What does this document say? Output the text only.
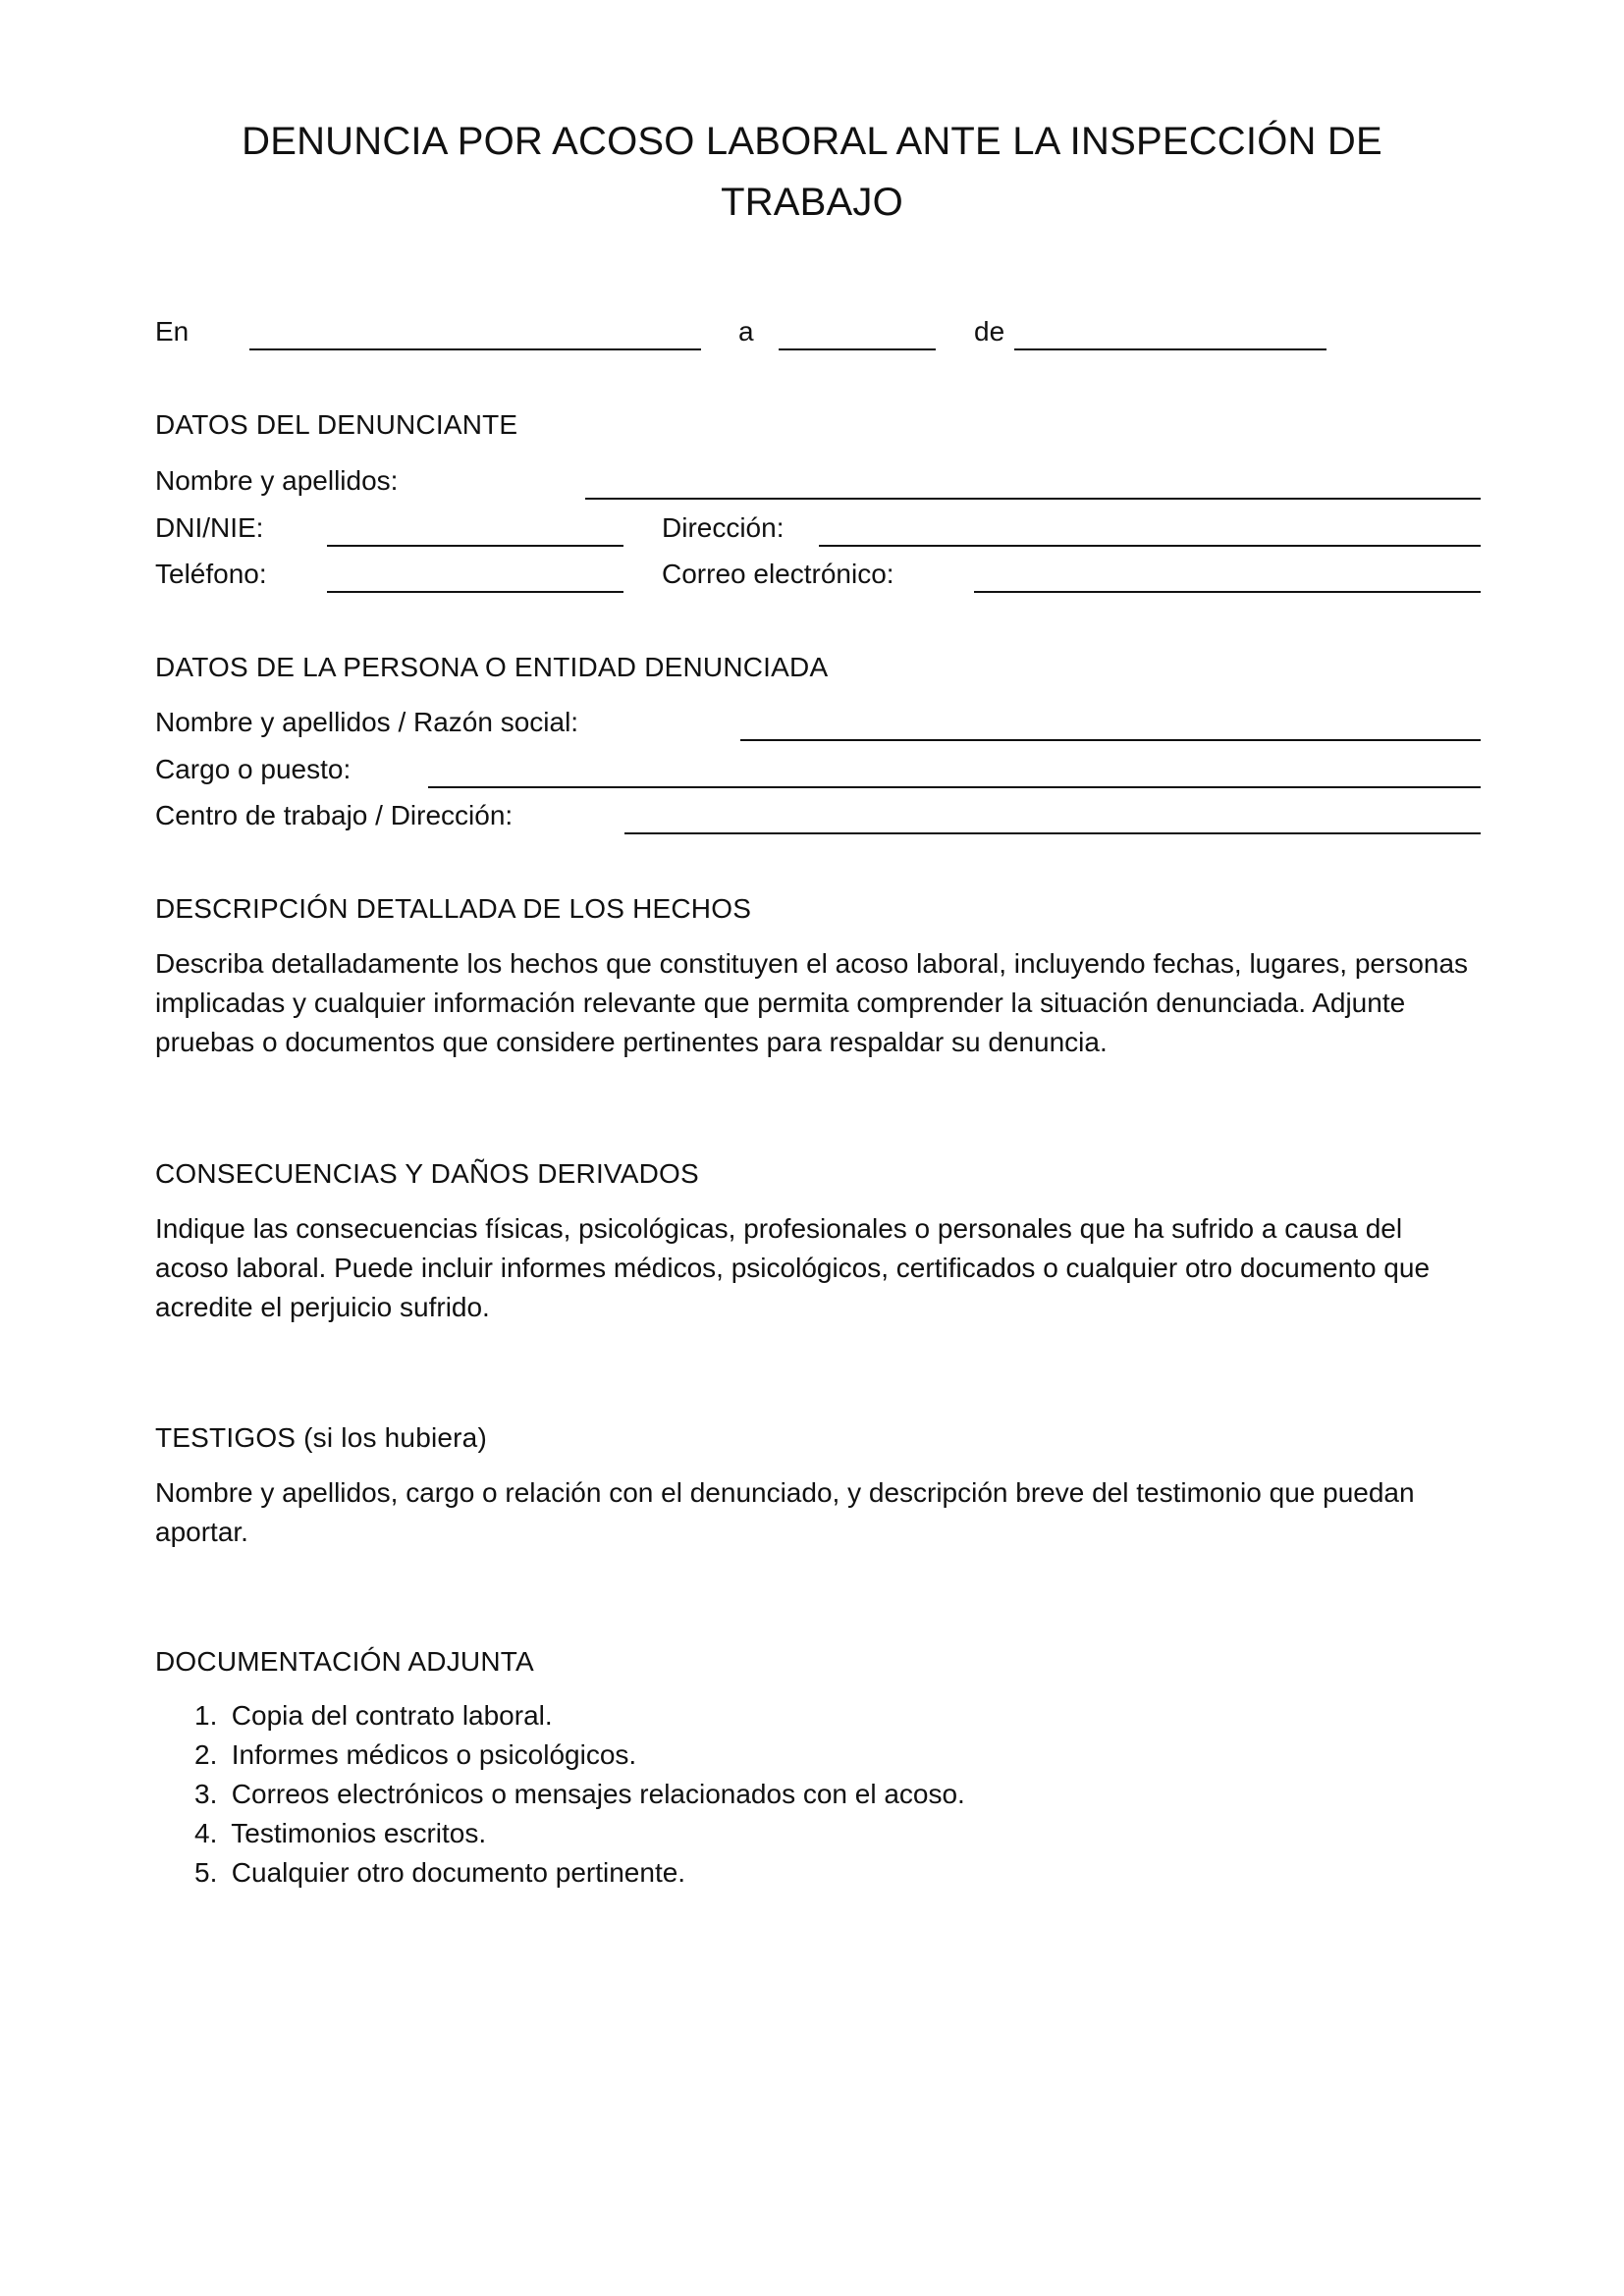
DENUNCIA POR ACOSO LABORAL ANTE LA INSPECCIÓN DE
TRABAJO
En	a	de
DATOS DEL DENUNCIANTE
Nombre y apellidos:
DNI/NIE:	Dirección:
Teléfono:	Correo electrónico:
DATOS DE LA PERSONA O ENTIDAD DENUNCIADA
Nombre y apellidos / Razón social:
Cargo o puesto:
Centro de trabajo / Dirección:
DESCRIPCIÓN DETALLADA DE LOS HECHOS
Describa detalladamente los hechos que constituyen el acoso laboral, incluyendo fechas, lugares, personas
implicadas y cualquier información relevante que permita comprender la situación denunciada. Adjunte
pruebas o documentos que considere pertinentes para respaldar su denuncia.
CONSECUENCIAS Y DAÑOS DERIVADOS
Indique las consecuencias físicas, psicológicas, profesionales o personales que ha sufrido a causa del
acoso laboral. Puede incluir informes médicos, psicológicos, certificados o cualquier otro documento que
acredite el perjuicio sufrido.
TESTIGOS (si los hubiera)
Nombre y apellidos, cargo o relación con el denunciado, y descripción breve del testimonio que puedan
aportar.
DOCUMENTACIÓN ADJUNTA
1. Copia del contrato laboral.
2. Informes médicos o psicológicos.
3. Correos electrónicos o mensajes relacionados con el acoso.
4. Testimonios escritos.
5. Cualquier otro documento pertinente.
